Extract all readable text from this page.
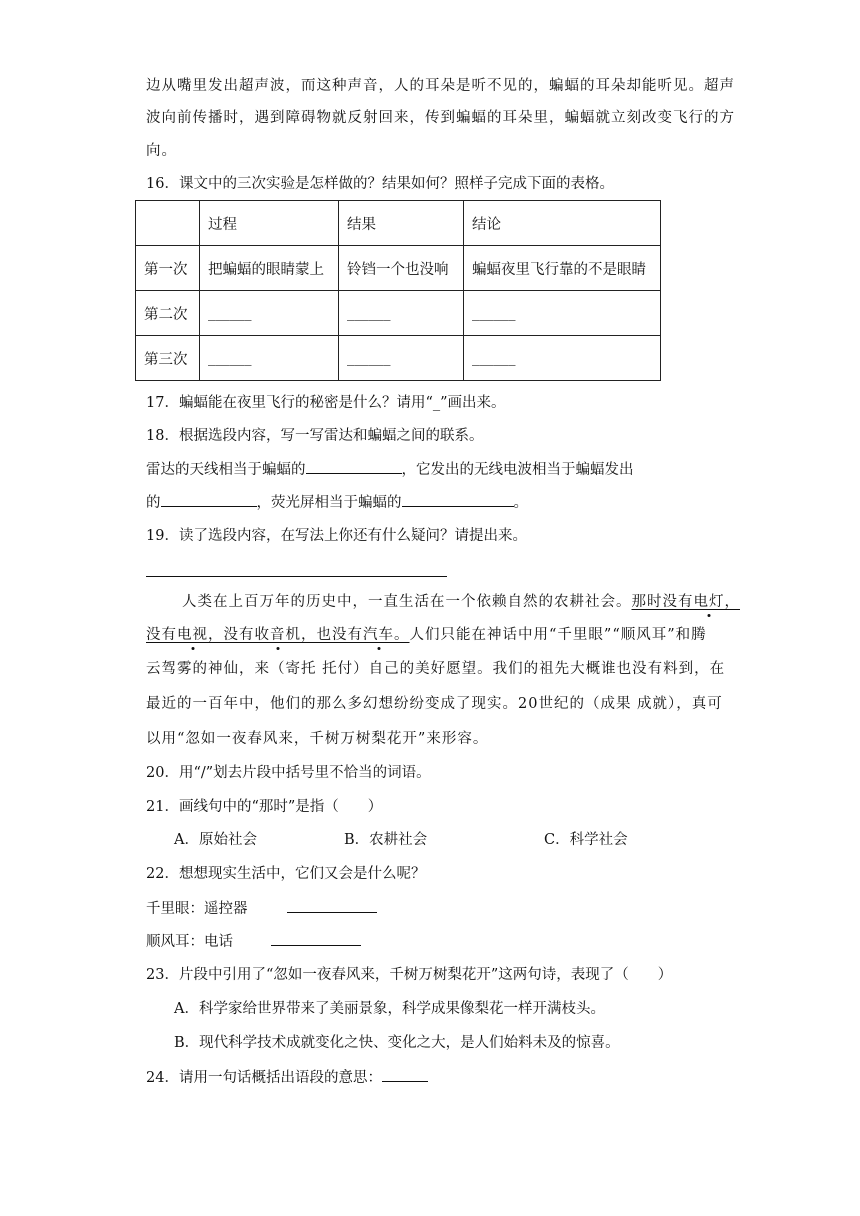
边从嘴里发出超声波，而这种声音，人的耳朵是听不见的，蝙蝠的耳朵却能听见。超声
波向前传播时，遇到障碍物就反射回来，传到蝙蝠的耳朵里，蝙蝠就立刻改变飞行的方
向。
16．课文中的三次实验是怎样做的？结果如何？照样子完成下面的表格。
	过程	结果	结论
第一次	把蝙蝠的眼睛蒙上	铃铛一个也没响	蝙蝠夜里飞行靠的不是眼睛
第二次	______	______	______
第三次	______	______	______
17．蝙蝠能在夜里飞行的秘密是什么？请用“_”画出来。
18．根据选段内容，写一写雷达和蝙蝠之间的联系。
雷达的天线相当于蝙蝠的	，它发出的无线电波相当于蝙蝠发出
的	，荧光屏相当于蝙蝠的	。
19．读了选段内容，在写法上你还有什么疑问？请提出来。
人类在上百万年的历史中，一直生活在一个依赖自然的农耕社会。那时没有电灯，
没有电视，没有收音机，也没有汽车。人们只能在神话中用“千里眼”“顺风耳”和腾
云驾雾的神仙，来（寄托 托付）自己的美好愿望。我们的祖先大概谁也没有料到，在
最近的一百年中，他们的那么多幻想纷纷变成了现实。20世纪的（成果 成就），真可
以用“忽如一夜春风来，千树万树梨花开”来形容。
20．用“/”划去片段中括号里不恰当的词语。
21．画线句中的“那时”是指（　　）
A．原始社会	B．农耕社会	C．科学社会
22．想想现实生活中，它们又会是什么呢？
千里眼：遥控器
顺风耳：电话
23．片段中引用了“忽如一夜春风来，千树万树梨花开”这两句诗，表现了（　　）
A．科学家给世界带来了美丽景象，科学成果像梨花一样开满枝头。
B．现代科学技术成就变化之快、变化之大，是人们始料未及的惊喜。
24．请用一句话概括出语段的意思：
